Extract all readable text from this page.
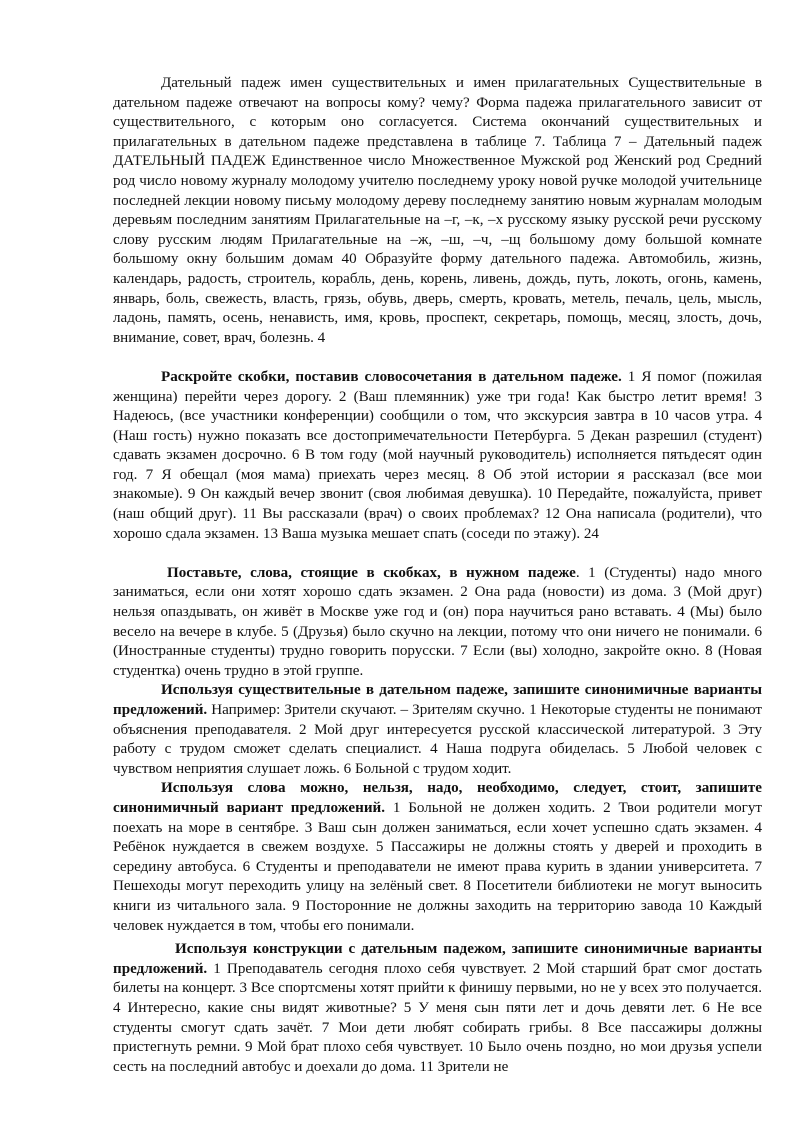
Дательный падеж имен существительных и имен прилагательных Существительные в дательном падеже отвечают на вопросы кому? чему? Форма падежа прилагательного зависит от существительного, с которым оно согласуется. Система окончаний существительных и прилагательных в дательном падеже представлена в таблице 7. Таблица 7 – Дательный падеж ДАТЕЛЬНЫЙ ПАДЕЖ Единственное число Множественное Мужской род Женский род Средний род число новому журналу молодому учителю последнему уроку новой ручке молодой учительнице последней лекции новому письму молодому дереву последнему занятию новым журналам молодым деревьям последним занятиям Прилагательные на –г, –к, –х русскому языку русской речи русскому слову русским людям Прилагательные на –ж, –ш, –ч, –щ большому дому большой комнате большому окну большим домам 40 Образуйте форму дательного падежа. Автомобиль, жизнь, календарь, радость, строитель, корабль, день, корень, ливень, дождь, путь, локоть, огонь, камень, январь, боль, свежесть, власть, грязь, обувь, дверь, смерть, кровать, метель, печаль, цель, мысль, ладонь, память, осень, ненависть, имя, кровь, проспект, секретарь, помощь, месяц, злость, дочь, внимание, совет, врач, болезнь. 4

Раскройте скобки, поставив словосочетания в дательном падеже. 1 Я помог (пожилая женщина) перейти через дорогу. 2 (Ваш племянник) уже три года! Как быстро летит время! 3 Надеюсь, (все участники конференции) сообщили о том, что экскурсия завтра в 10 часов утра. 4 (Наш гость) нужно показать все достопримечательности Петербурга. 5 Декан разрешил (студент) сдавать экзамен досрочно. 6 В том году (мой научный руководитель) исполняется пятьдесят один год. 7 Я обещал (моя мама) приехать через месяц. 8 Об этой истории я рассказал (все мои знакомые). 9 Он каждый вечер звонит (своя любимая девушка). 10 Передайте, пожалуйста, привет (наш общий друг). 11 Вы рассказали (врач) о своих проблемах? 12 Она написала (родители), что хорошо сдала экзамен. 13 Ваша музыка мешает спать (соседи по этажу). 24

Поставьте, слова, стоящие в скобках, в нужном падеже. 1 (Студенты) надо много заниматься, если они хотят хорошо сдать экзамен. 2 Она рада (новости) из дома. 3 (Мой друг) нельзя опаздывать, он живёт в Москве уже год и (он) пора научиться рано вставать. 4 (Мы) было весело на вечере в клубе. 5 (Друзья) было скучно на лекции, потому что они ничего не понимали. 6 (Иностранные студенты) трудно говорить порусски. 7 Если (вы) холодно, закройте окно. 8 (Новая студентка) очень трудно в этой группе.

Используя существительные в дательном падеже, запишите синонимичные варианты предложений. Например: Зрители скучают. – Зрителям скучно. 1 Некоторые студенты не понимают объяснения преподавателя. 2 Мой друг интересуется русской классической литературой. 3 Эту работу с трудом сможет сделать специалист. 4 Наша подруга обиделась. 5 Любой человек с чувством неприятия слушает ложь. 6 Больной с трудом ходит.

Используя слова можно, нельзя, надо, необходимо, следует, стоит, запишите синонимичный вариант предложений. 1 Больной не должен ходить. 2 Твои родители могут поехать на море в сентябре. 3 Ваш сын должен заниматься, если хочет успешно сдать экзамен. 4 Ребёнок нуждается в свежем воздухе. 5 Пассажиры не должны стоять у дверей и проходить в середину автобуса. 6 Студенты и преподаватели не имеют права курить в здании университета. 7 Пешеходы могут переходить улицу на зелёный свет. 8 Посетители библиотеки не могут выносить книги из читального зала. 9 Посторонние не должны заходить на территорию завода 10 Каждый человек нуждается в том, чтобы его понимали.

Используя конструкции с дательным падежом, запишите синонимичные варианты предложений. 1 Преподаватель сегодня плохо себя чувствует. 2 Мой старший брат смог достать билеты на концерт. 3 Все спортсмены хотят прийти к финишу первыми, но не у всех это получается. 4 Интересно, какие сны видят животные? 5 У меня сын пяти лет и дочь девяти лет. 6 Не все студенты смогут сдать зачёт. 7 Мои дети любят собирать грибы. 8 Все пассажиры должны пристегнуть ремни. 9 Мой брат плохо себя чувствует. 10 Было очень поздно, но мои друзья успели сесть на последний автобус и доехали до дома. 11 Зрители не
